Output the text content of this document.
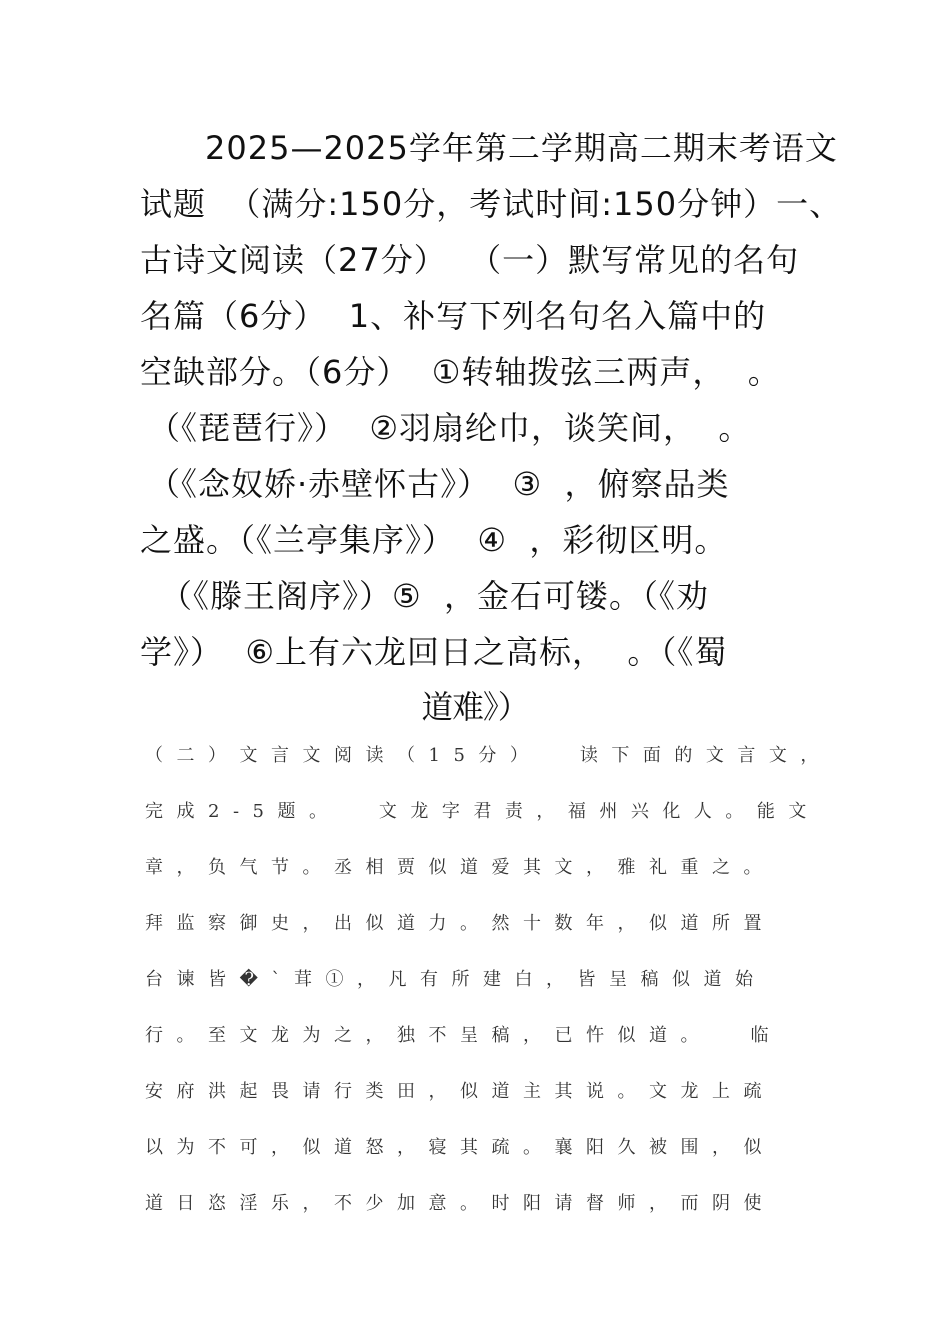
2025—2025学年第二学期高二期末考语文
试题  （满分:150分，考试时间:150分钟）一、
古诗文阅读（27分）  （一）默写常见的名句
名篇（6分）  1、补写下列名句名入篇中的
空缺部分。（6分）  ①转轴拨弦三两声，  。
（《琵琶行》）  ②羽扇纶巾，谈笑间，  。
（《念奴娇·赤壁怀古》）  ③  ，俯察品类
之盛。（《兰亭集序》）  ④  ，彩彻区明。
（《滕王阁序》）⑤  ，金石可镂。（《劝
学》）  ⑥上有六龙回日之高标，  。（《蜀
道难》）
（二）文言文阅读（15分）  读下面的文言文，
完成2-5题。  文龙字君责，福州兴化人。能文
章，负气节。丞相贾似道爱其文，雅礼重之。
拜监察御史，出似道力。然十数年，似道所置
台谏皆�`茸①，凡有所建白，皆呈稿似道始
行。至文龙为之，独不呈稿，已忤似道。  临
安府洪起畏请行类田，似道主其说。文龙上疏
以为不可，似道怒，寝其疏。襄阳久被围，似
道日恣淫乐，不少加意。时阳请督师，而阴使
